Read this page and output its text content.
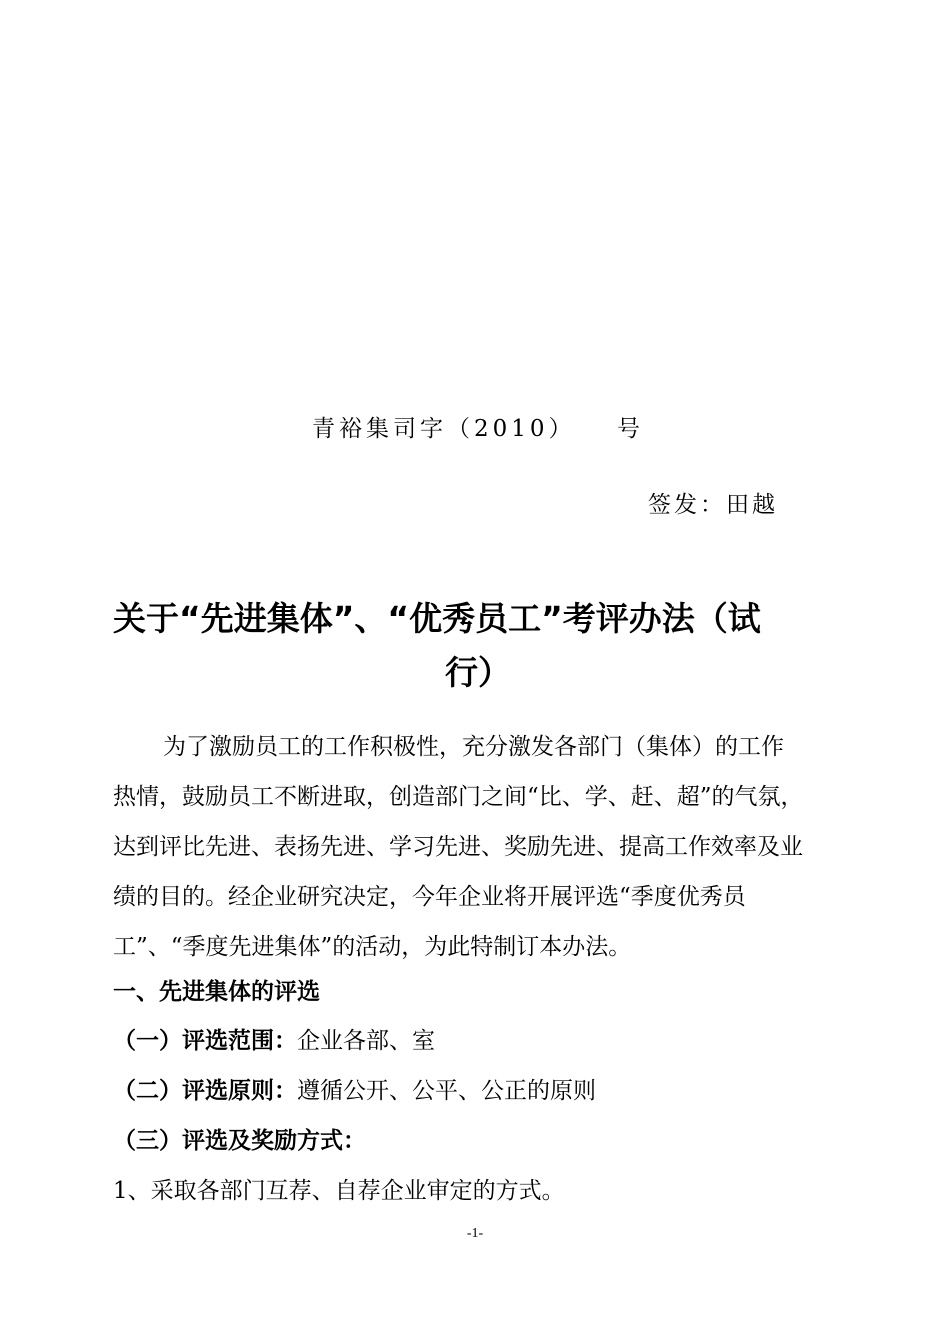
青裕集司字（2010） 号
签发：田越
关于“先进集体”、“优秀员工”考评办法（试
行）
为了激励员工的工作积极性，充分激发各部门（集体）的工作
热情，鼓励员工不断进取，创造部门之间“比、学、赶、超”的气氛，
达到评比先进、表扬先进、学习先进、奖励先进、提高工作效率及业
绩的目的。经企业研究决定，今年企业将开展评选“季度优秀员
工”、“季度先进集体”的活动，为此特制订本办法。
一、先进集体的评选
（一）评选范围：企业各部、室
（二）评选原则：遵循公开、公平、公正的原则
（三）评选及奖励方式：
1、采取各部门互荐、自荐企业审定的方式。
-1-
